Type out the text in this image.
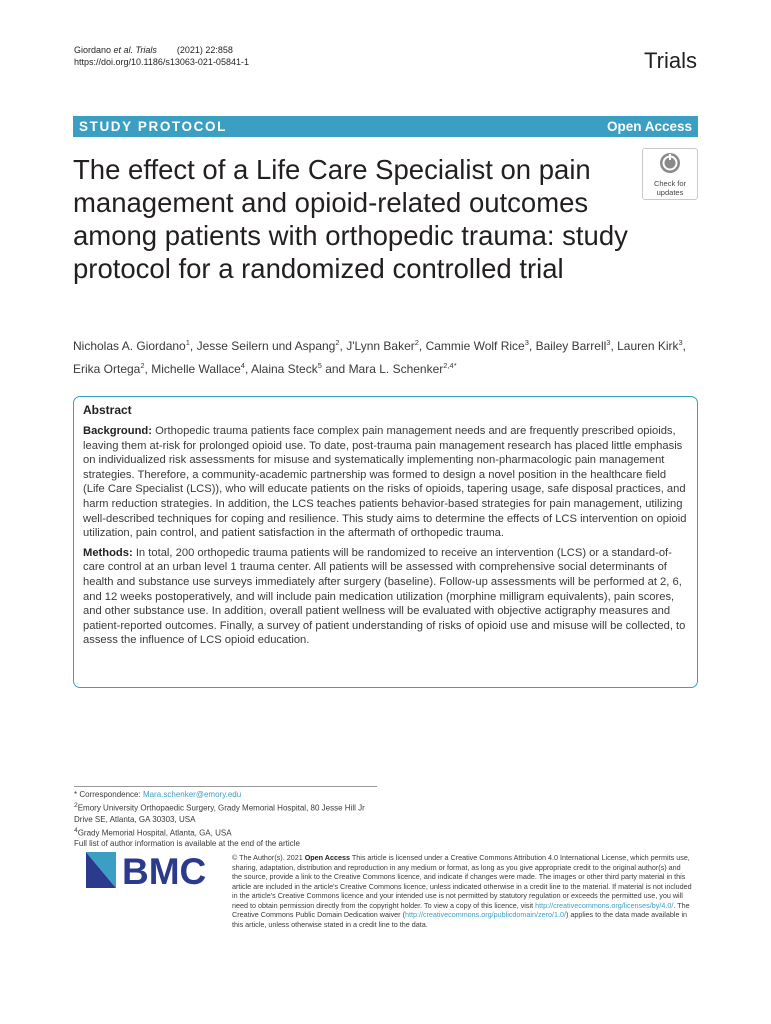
Giordano et al. Trials (2021) 22:858
https://doi.org/10.1186/s13063-021-05841-1	Trials
STUDY PROTOCOL	Open Access
The effect of a Life Care Specialist on pain management and opioid-related outcomes among patients with orthopedic trauma: study protocol for a randomized controlled trial
Check for
updates
Nicholas A. Giordano$^1$, Jesse Seilern und Aspang$^2$, J'Lynn Baker$^2$, Cammie Wolf Rice$^3$, Bailey Barrell$^3$, Lauren Kirk$^3$,
Erika Ortega$^2$, Michelle Wallace$^4$, Alaina Steck$^5$ and Mara L. Schenker$^{2,4*}$
Abstract

Background: Orthopedic trauma patients face complex pain management needs and are frequently prescribed opioids, leaving them at-risk for prolonged opioid use. To date, post-trauma pain management research has placed little emphasis on individualized risk assessments for misuse and systematically implementing non-pharmacologic pain management strategies. Therefore, a community-academic partnership was formed to design a novel position in the healthcare field (Life Care Specialist (LCS)), who will educate patients on the risks of opioids, tapering usage, safe disposal practices, and harm reduction strategies. In addition, the LCS teaches patients behavior-based strategies for pain management, utilizing well-described techniques for coping and resilience. This study aims to determine the effects of LCS intervention on opioid utilization, pain control, and patient satisfaction in the aftermath of orthopedic trauma.

Methods: In total, 200 orthopedic trauma patients will be randomized to receive an intervention (LCS) or a standard-of-care control at an urban level 1 trauma center. All patients will be assessed with comprehensive social determinants of health and substance use surveys immediately after surgery (baseline). Follow-up assessments will be performed at 2, 6, and 12 weeks postoperatively, and will include pain medication utilization (morphine milligram equivalents), pain scores, and other substance use. In addition, overall patient wellness will be evaluated with objective actigraphy measures and patient-reported outcomes. Finally, a survey of patient understanding of risks of opioid use and misuse will be collected, to assess the influence of LCS opioid education.

* Correspondence: Mara.schenker@emory.edu
$^2$Emory University Orthopaedic Surgery, Grady Memorial Hospital, 80 Jesse Hill Jr Drive SE, Atlanta, GA 30303, USA
$^4$Grady Memorial Hospital, Atlanta, GA, USA
Full list of author information is available at the end of the article
BMC	© The Author(s). 2021 Open Access This article is licensed under a Creative Commons Attribution 4.0 International License, which permits use, sharing, adaptation, distribution and reproduction in any medium or format, as long as you give appropriate credit to the original author(s) and the source, provide a link to the Creative Commons licence, and indicate if changes were made. The images or other third party material in this article are included in the article's Creative Commons licence, unless indicated otherwise in a credit line to the material. If material is not included in the article's Creative Commons licence and your intended use is not permitted by statutory regulation or exceeds the permitted use, you will need to obtain permission directly from the copyright holder. To view a copy of this licence, visit http://creativecommons.org/licenses/by/4.0/. The Creative Commons Public Domain Dedication waiver (http://creativecommons.org/publicdomain/zero/1.0/) applies to the data made available in this article, unless otherwise stated in a credit line to the data.
